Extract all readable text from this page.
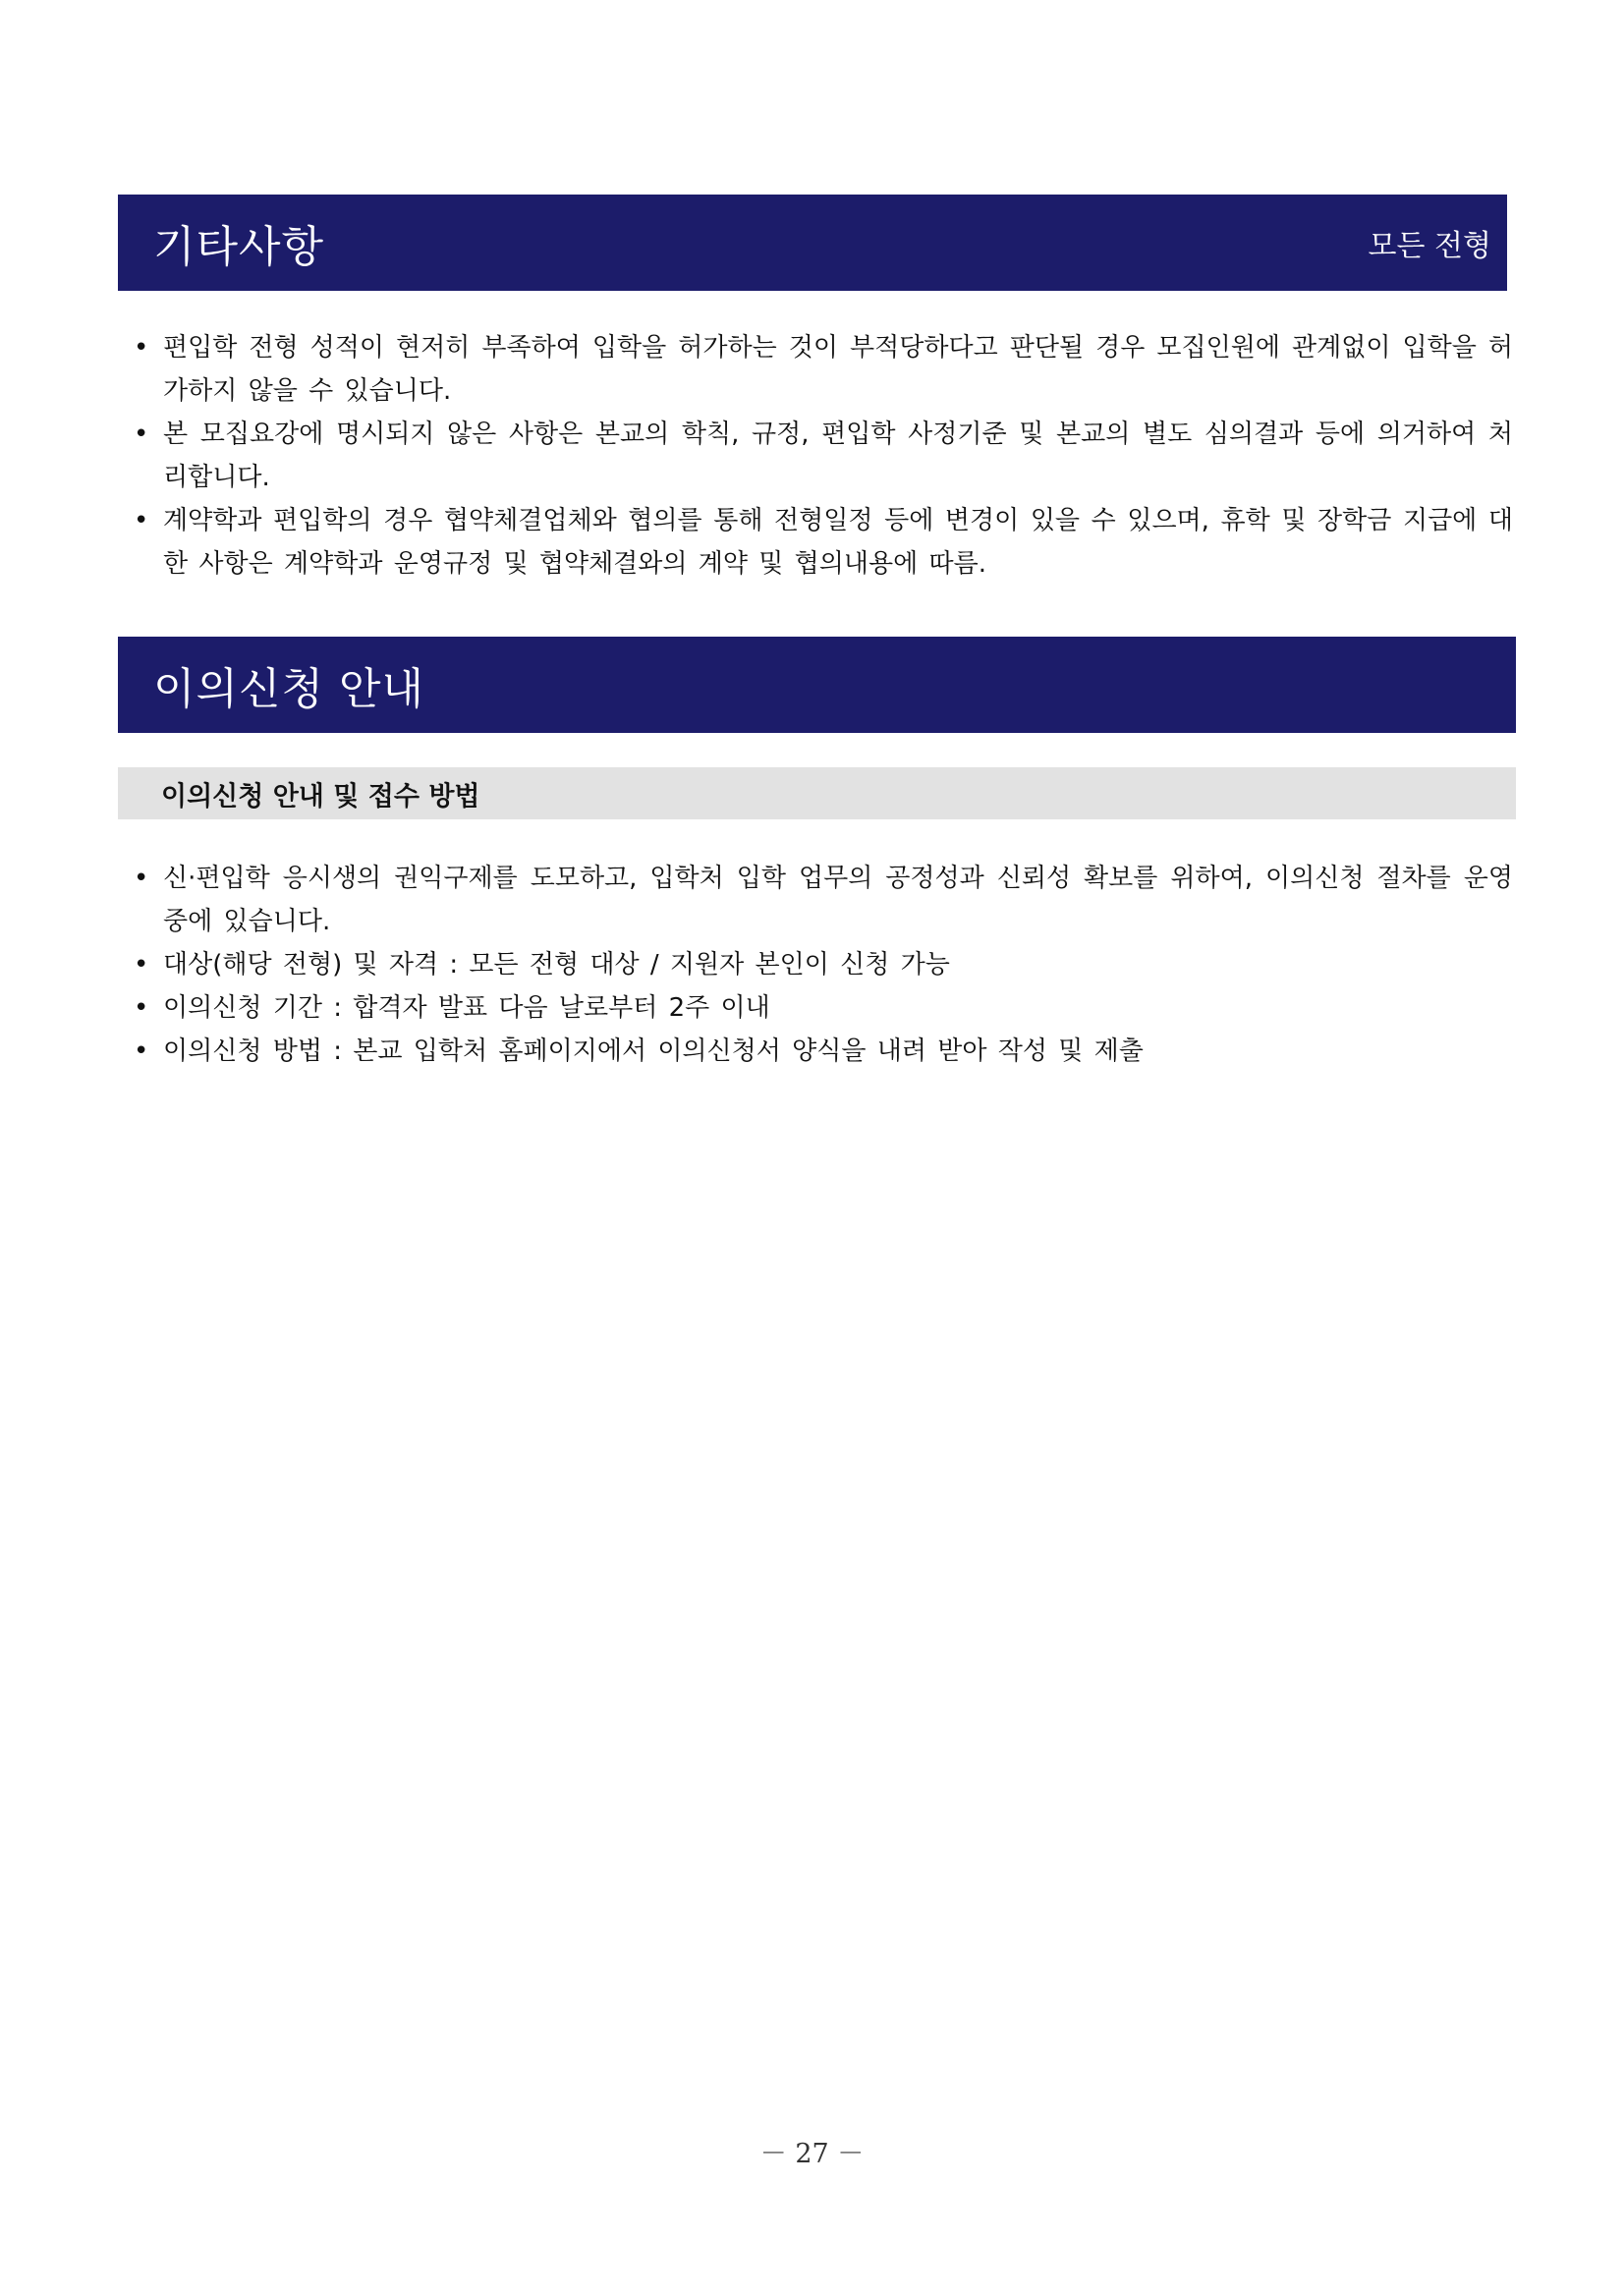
기타사항	모든 전형
• 편입학 전형 성적이 현저히 부족하여 입학을 허가하는 것이 부적당하다고 판단될 경우 모집인원에 관계없이 입학을 허가하지 않을 수 있습니다.
• 본 모집요강에 명시되지 않은 사항은 본교의 학칙, 규정, 편입학 사정기준 및 본교의 별도 심의결과 등에 의거하여 처리합니다.
• 계약학과 편입학의 경우 협약체결업체와 협의를 통해 전형일정 등에 변경이 있을 수 있으며, 휴학 및 장학금 지급에 대한 사항은 계약학과 운영규정 및 협약체결와의 계약 및 협의내용에 따름.
이의신청 안내
이의신청 안내 및 접수 방법
• 신·편입학 응시생의 권익구제를 도모하고, 입학처 입학 업무의 공정성과 신뢰성 확보를 위하여, 이의신청 절차를 운영중에 있습니다.
• 대상(해당 전형) 및 자격 : 모든 전형 대상 / 지원자 본인이 신청 가능
• 이의신청 기간 : 합격자 발표 다음 날로부터 2주 이내
• 이의신청 방법 : 본교 입학처 홈페이지에서 이의신청서 양식을 내려 받아 작성 및 제출
－ 27 －
